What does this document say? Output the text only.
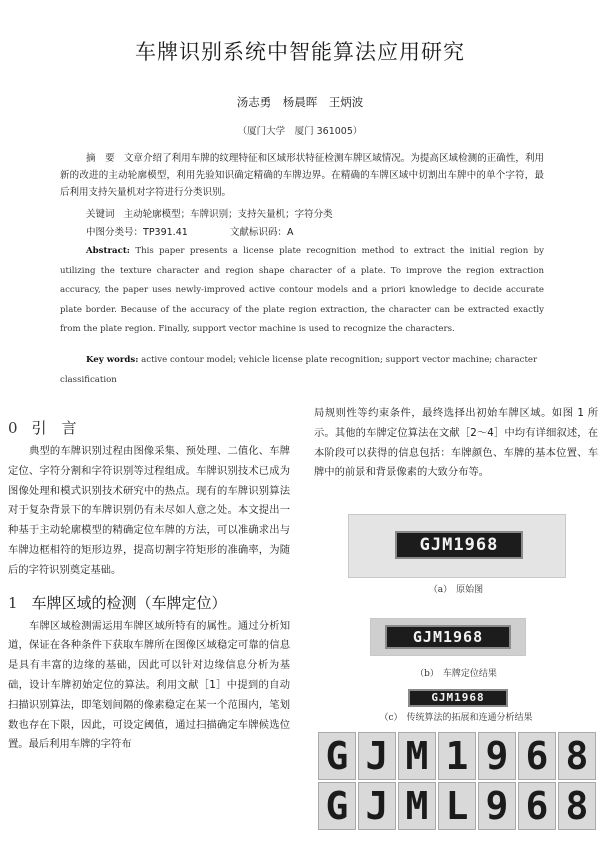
车牌识别系统中智能算法应用研究
汤志勇　杨晨晖　王炳波
（厦门大学　厦门 361005）
摘　要 文章介绍了利用车牌的纹理特征和区域形状特征检测车牌区域情况。为提高区域检测的正确性，利用新的改进的主动轮廓模型，利用先验知识确定精确的车牌边界。在精确的车牌区域中切割出车牌中的单个字符，最后利用支持矢量机对字符进行分类识别。
关键词 主动轮廓模型；车牌识别；支持矢量机；字符分类
中图分类号：TP391.41	文献标识码：A
Abstract: This paper presents a license plate recognition method to extract the initial region by utilizing the texture character and region shape character of a plate. To improve the region extraction accuracy, the paper uses newly-improved active contour models and a priori knowledge to decide accurate plate border. Because of the accuracy of the plate region extraction, the character can be extracted exactly from the plate region. Finally, support vector machine is used to recognize the characters.
Key words: active contour model; vehicle license plate recognition; support vector machine; character classification
0 引　言

典型的车牌识别过程由图像采集、预处理、二值化、车牌定位、字符分割和字符识别等过程组成。车牌识别技术已成为图像处理和模式识别技术研究中的热点。现有的车牌识别算法对于复杂背景下的车牌识别仍有未尽如人意之处。本文提出一种基于主动轮廓模型的精确定位车牌的方法，可以准确求出与车牌边框相符的矩形边界，提高切割字符矩形的准确率，为随后的字符识别奠定基础。

1 车牌区域的检测（车牌定位）

车牌区域检测需运用车牌区域所特有的属性。通过分析知道，保证在各种条件下获取车牌所在图像区域稳定可靠的信息是具有丰富的边缘的基础，因此可以针对边缘信息分析为基础，设计车牌初始定位的算法。利用文献［1］中提到的自动扫描识别算法，即笔划间隔的像素稳定在某一个范围内，笔划数也存在下限，因此，可设定阈值，通过扫描确定车牌候选位置。最后利用车牌的字符布

局规则性等约束条件，最终选择出初始车牌区域。如图 1 所示。其他的车牌定位算法在文献［2～4］中均有详细叙述，在本阶段可以获得的信息包括：车牌颜色、车牌的基本位置、车牌中的前景和背景像素的大致分布等。

GJM1968
（a） 原始图
GJM1968
（b） 车牌定位结果
GJM1968
（c） 传统算法的拓展和连通分析结果
G J M 1 9 6 8
G J M L 9 6 8
